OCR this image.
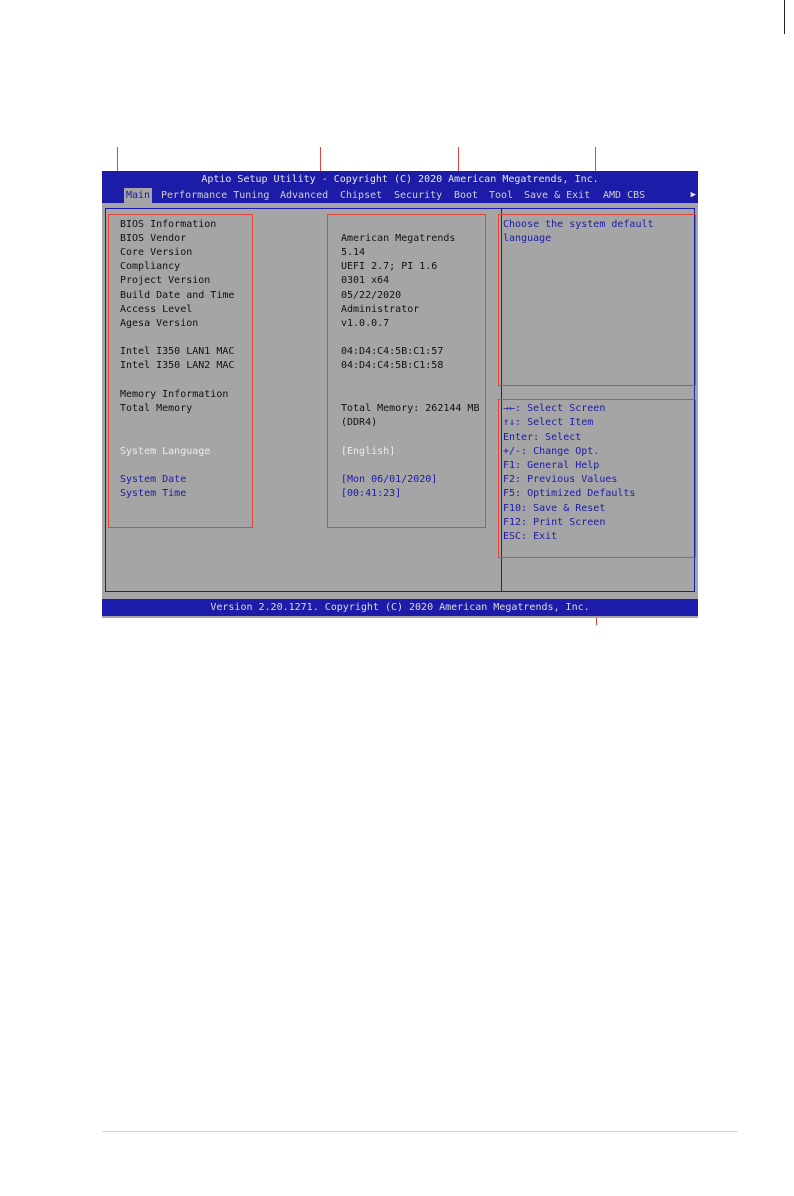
Aptio Setup Utility - Copyright (C) 2020 American Megatrends, Inc.
Main Performance Tuning Advanced Chipset Security Boot Tool Save & Exit AMD CBS	▶
BIOS Information
BIOS Vendor
Core Version
Compliancy
Project Version
Build Date and Time
Access Level
Agesa Version
Intel I350 LAN1 MAC
Intel I350 LAN2 MAC
Memory Information
Total Memory
System Language
System Date
System Time
American Megatrends
5.14
UEFI 2.7; PI 1.6
0301 x64
05/22/2020
Administrator
v1.0.0.7
04:D4:C4:5B:C1:57
04:D4:C4:5B:C1:58
Total Memory: 262144 MB
(DDR4)
[English]
[Mon 06/01/2020]
[00:41:23]
Choose the system default
language
→←: Select Screen
↑↓: Select Item
Enter: Select
+/-: Change Opt.
F1: General Help
F2: Previous Values
F5: Optimized Defaults
F10: Save & Reset
F12: Print Screen
ESC: Exit
Version 2.20.1271. Copyright (C) 2020 American Megatrends, Inc.
